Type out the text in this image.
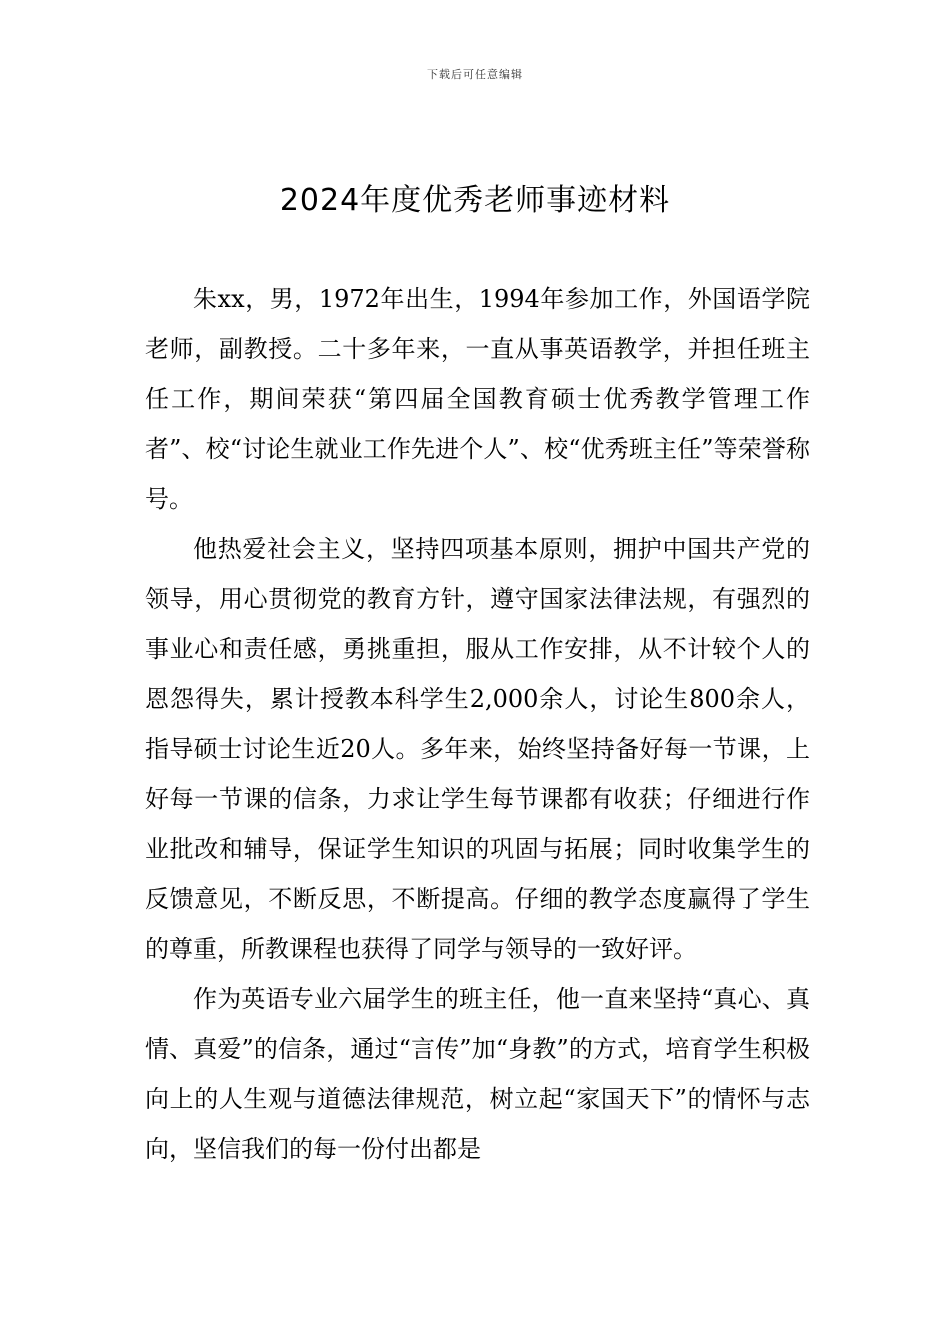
下载后可任意编辑
2024年度优秀老师事迹材料

朱xx，男，1972年出生，1994年参加工作，外国语学院老师，副教授。二十多年来，一直从事英语教学，并担任班主任工作，期间荣获“第四届全国教育硕士优秀教学管理工作者”、校“讨论生就业工作先进个人”、校“优秀班主任”等荣誉称号。

他热爱社会主义，坚持四项基本原则，拥护中国共产党的领导，用心贯彻党的教育方针，遵守国家法律法规，有强烈的事业心和责任感，勇挑重担，服从工作安排，从不计较个人的恩怨得失，累计授教本科学生2,000余人，讨论生800余人，指导硕士讨论生近20人。多年来，始终坚持备好每一节课，上好每一节课的信条，力求让学生每节课都有收获；仔细进行作业批改和辅导，保证学生知识的巩固与拓展；同时收集学生的反馈意见，不断反思，不断提高。仔细的教学态度赢得了学生的尊重，所教课程也获得了同学与领导的一致好评。

作为英语专业六届学生的班主任，他一直来坚持“真心、真情、真爱”的信条，通过“言传”加“身教”的方式，培育学生积极向上的人生观与道德法律规范，树立起“家国天下”的情怀与志向，坚信我们的每一份付出都是
